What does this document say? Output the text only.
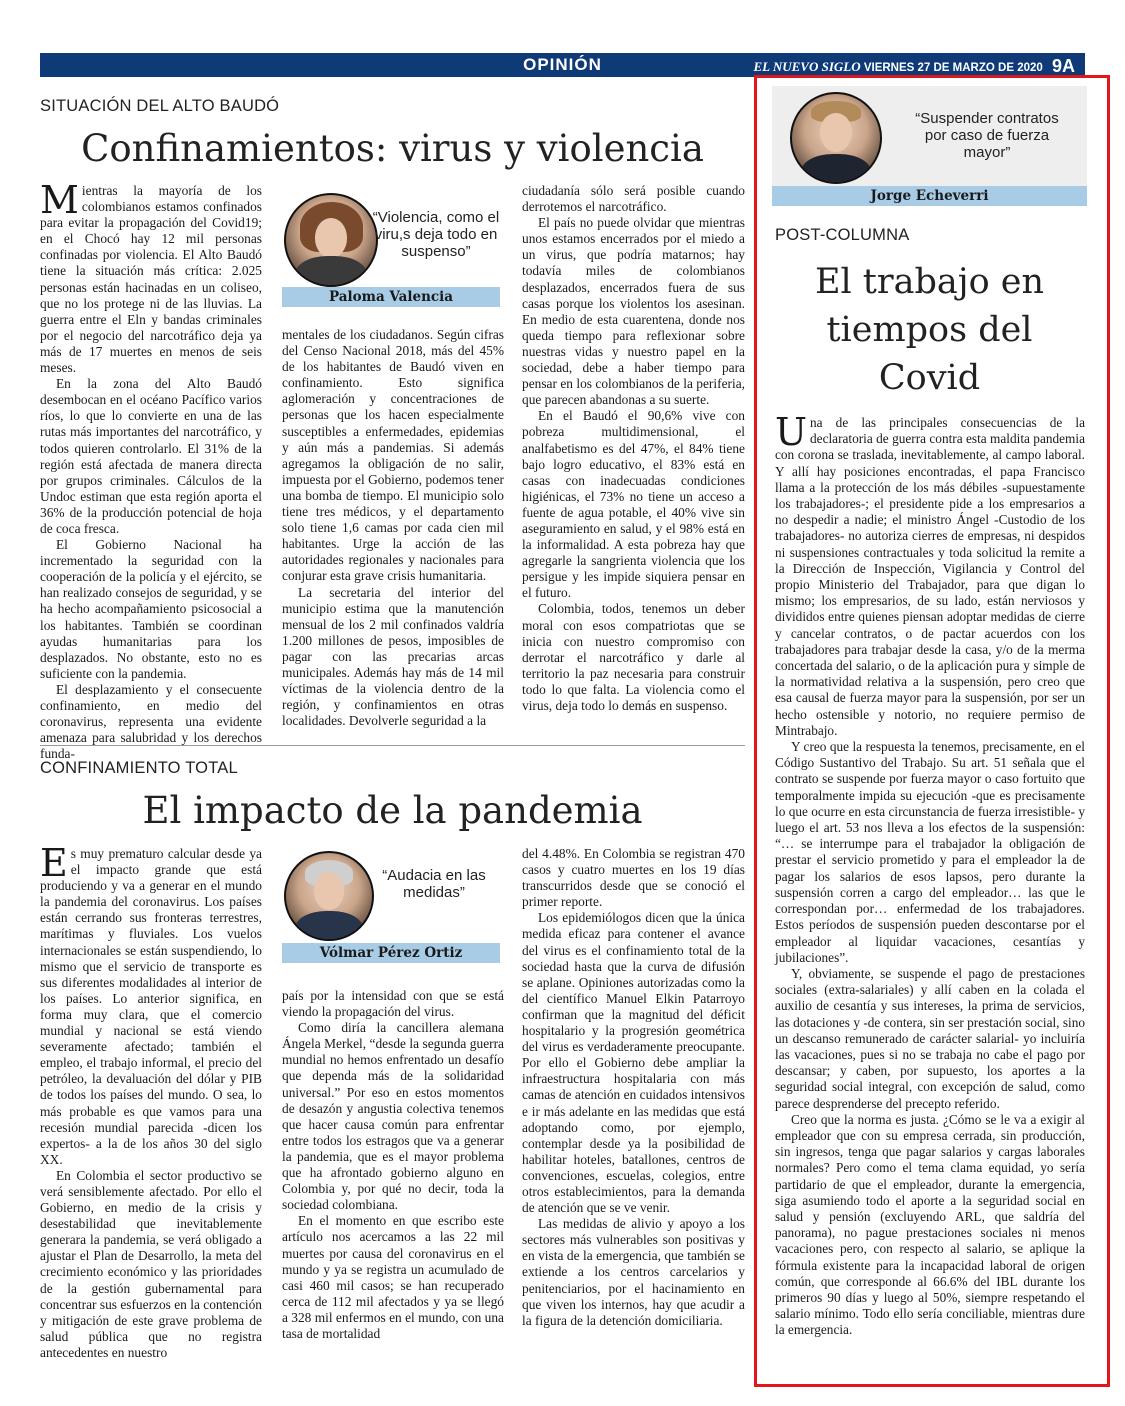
OPINIÓN	EL NUEVO SIGLO VIERNES 27 DE MARZO DE 2020 9A
SITUACIÓN DEL ALTO BAUDÓ
Confinamientos: virus y violencia

Mientras la mayoría de los colombianos estamos confinados para evitar la propagación del Covid19; en el Chocó hay 12 mil personas confinadas por violencia. El Alto Baudó tiene la situación más crítica: 2.025 personas están hacinadas en un coliseo, que no los protege ni de las lluvias. La guerra entre el Eln y bandas criminales por el negocio del narcotráfico deja ya más de 17 muertes en menos de seis meses.

En la zona del Alto Baudó desembocan en el océano Pacífico varios ríos, lo que lo convierte en una de las rutas más importantes del narcotráfico, y todos quieren controlarlo. El 31% de la región está afectada de manera directa por grupos criminales. Cálculos de la Undoc estiman que esta región aporta el 36% de la producción potencial de hoja de coca fresca.

El Gobierno Nacional ha incrementado la seguridad con la cooperación de la policía y el ejército, se han realizado consejos de seguridad, y se ha hecho acompañamiento psicosocial a los habitantes. También se coordinan ayudas humanitarias para los desplazados. No obstante, esto no es suficiente con la pandemia.

El desplazamiento y el consecuente confinamiento, en medio del coronavirus, representa una evidente amenaza para salubridad y los derechos funda-

“Violencia, como el viru,s deja todo en suspenso”
Paloma Valencia

mentales de los ciudadanos. Según cifras del Censo Nacional 2018, más del 45% de los habitantes de Baudó viven en confinamiento. Esto significa aglomeración y concentraciones de personas que los hacen especialmente susceptibles a enfermedades, epidemias y aún más a pandemias. Si además agregamos la obligación de no salir, impuesta por el Gobierno, podemos tener una bomba de tiempo. El municipio solo tiene tres médicos, y el departamento solo tiene 1,6 camas por cada cien mil habitantes. Urge la acción de las autoridades regionales y nacionales para conjurar esta grave crisis humanitaria.

La secretaria del interior del municipio estima que la manutención mensual de los 2 mil confinados valdría 1.200 millones de pesos, imposibles de pagar con las precarias arcas municipales. Además hay más de 14 mil víctimas de la violencia dentro de la región, y confinamientos en otras localidades. Devolverle seguridad a la

ciudadanía sólo será posible cuando derrotemos el narcotráfico.

El país no puede olvidar que mientras unos estamos encerrados por el miedo a un virus, que podría matarnos; hay todavía miles de colombianos desplazados, encerrados fuera de sus casas porque los violentos los asesinan. En medio de esta cuarentena, donde nos queda tiempo para reflexionar sobre nuestras vidas y nuestro papel en la sociedad, debe a haber tiempo para pensar en los colombianos de la periferia, que parecen abandonas a su suerte.

En el Baudó el 90,6% vive con pobreza multidimensional, el analfabetismo es del 47%, el 84% tiene bajo logro educativo, el 83% está en casas con inadecuadas condiciones higiénicas, el 73% no tiene un acceso a fuente de agua potable, el 40% vive sin aseguramiento en salud, y el 98% está en la informalidad. A esta pobreza hay que agregarle la sangrienta violencia que los persigue y les impide siquiera pensar en el futuro.

Colombia, todos, tenemos un deber moral con esos compatriotas que se inicia con nuestro compromiso con derrotar el narcotráfico y darle al territorio la paz necesaria para construir todo lo que falta. La violencia como el virus, deja todo lo demás en suspenso.

CONFINAMIENTO TOTAL
El impacto de la pandemia

Es muy prematuro calcular desde ya el impacto grande que está produciendo y va a generar en el mundo la pandemia del coronavirus. Los países están cerrando sus fronteras terrestres, marítimas y fluviales. Los vuelos internacionales se están suspendiendo, lo mismo que el servicio de transporte es sus diferentes modalidades al interior de los países. Lo anterior significa, en forma muy clara, que el comercio mundial y nacional se está viendo severamente afectado; también el empleo, el trabajo informal, el precio del petróleo, la devaluación del dólar y PIB de todos los países del mundo. O sea, lo más probable es que vamos para una recesión mundial parecida -dicen los expertos- a la de los años 30 del siglo XX.

En Colombia el sector productivo se verá sensiblemente afectado. Por ello el Gobierno, en medio de la crisis y desestabilidad que inevitablemente generara la pandemia, se verá obligado a ajustar el Plan de Desarrollo, la meta del crecimiento económico y las prioridades de la gestión gubernamental para concentrar sus esfuerzos en la contención y mitigación de este grave problema de salud pública que no registra antecedentes en nuestro

“Audacia en las medidas”
Vólmar Pérez Ortiz

país por la intensidad con que se está viendo la propagación del virus.

Como diría la cancillera alemana Ángela Merkel, “desde la segunda guerra mundial no hemos enfrentado un desafío que dependa más de la solidaridad universal.” Por eso en estos momentos de desazón y angustia colectiva tenemos que hacer causa común para enfrentar entre todos los estragos que va a generar la pandemia, que es el mayor problema que ha afrontado gobierno alguno en Colombia y, por qué no decir, toda la sociedad colombiana.

En el momento en que escribo este artículo nos acercamos a las 22 mil muertes por causa del coronavirus en el mundo y ya se registra un acumulado de casi 460 mil casos; se han recuperado cerca de 112 mil afectados y ya se llegó a 328 mil enfermos en el mundo, con una tasa de mortalidad

del 4.48%. En Colombia se registran 470 casos y cuatro muertes en los 19 días transcurridos desde que se conoció el primer reporte.

Los epidemiólogos dicen que la única medida eficaz para contener el avance del virus es el confinamiento total de la sociedad hasta que la curva de difusión se aplane. Opiniones autorizadas como la del científico Manuel Elkin Patarroyo confirman que la magnitud del déficit hospitalario y la progresión geométrica del virus es verdaderamente preocupante. Por ello el Gobierno debe ampliar la infraestructura hospitalaria con más camas de atención en cuidados intensivos e ir más adelante en las medidas que está adoptando como, por ejemplo, contemplar desde ya la posibilidad de habilitar hoteles, batallones, centros de convenciones, escuelas, colegios, entre otros establecimientos, para la demanda de atención que se ve venir.

Las medidas de alivio y apoyo a los sectores más vulnerables son positivas y en vista de la emergencia, que también se extiende a los centros carcelarios y penitenciarios, por el hacinamiento en que viven los internos, hay que acudir a la figura de la detención domiciliaria.

“Suspender contratos por caso de fuerza mayor”
Jorge Echeverri
POST-COLUMNA
El trabajo en tiempos del Covid

Una de las principales consecuencias de la declaratoria de guerra contra esta maldita pandemia con corona se traslada, inevitablemente, al campo laboral. Y allí hay posiciones encontradas, el papa Francisco llama a la protección de los más débiles -supuestamente los trabajadores-; el presidente pide a los empresarios a no despedir a nadie; el ministro Ángel -Custodio de los trabajadores- no autoriza cierres de empresas, ni despidos ni suspensiones contractuales y toda solicitud la remite a la Dirección de Inspección, Vigilancia y Control del propio Ministerio del Trabajador, para que digan lo mismo; los empresarios, de su lado, están nerviosos y divididos entre quienes piensan adoptar medidas de cierre y cancelar contratos, o de pactar acuerdos con los trabajadores para trabajar desde la casa, y/o de la merma concertada del salario, o de la aplicación pura y simple de la normatividad relativa a la suspensión, pero creo que esa causal de fuerza mayor para la suspensión, por ser un hecho ostensible y notorio, no requiere permiso de Mintrabajo.

Y creo que la respuesta la tenemos, precisamente, en el Código Sustantivo del Trabajo. Su art. 51 señala que el contrato se suspende por fuerza mayor o caso fortuito que temporalmente impida su ejecución -que es precisamente lo que ocurre en esta circunstancia de fuerza irresistible- y luego el art. 53 nos lleva a los efectos de la suspensión: “… se interrumpe para el trabajador la obligación de prestar el servicio prometido y para el empleador la de pagar los salarios de esos lapsos, pero durante la suspensión corren a cargo del empleador… las que le correspondan por… enfermedad de los trabajadores. Estos períodos de suspensión pueden descontarse por el empleador al liquidar vacaciones, cesantías y jubilaciones”.

Y, obviamente, se suspende el pago de prestaciones sociales (extra-salariales) y allí caben en la colada el auxilio de cesantía y sus intereses, la prima de servicios, las dotaciones y -de contera, sin ser prestación social, sino un descanso remunerado de carácter salarial- yo incluiría las vacaciones, pues si no se trabaja no cabe el pago por descansar; y caben, por supuesto, los aportes a la seguridad social integral, con excepción de salud, como parece desprenderse del precepto referido.

Creo que la norma es justa. ¿Cómo se le va a exigir al empleador que con su empresa cerrada, sin producción, sin ingresos, tenga que pagar salarios y cargas laborales normales? Pero como el tema clama equidad, yo sería partidario de que el empleador, durante la emergencia, siga asumiendo todo el aporte a la seguridad social en salud y pensión (excluyendo ARL, que saldría del panorama), no pague prestaciones sociales ni menos vacaciones pero, con respecto al salario, se aplique la fórmula existente para la incapacidad laboral de origen común, que corresponde al 66.6% del IBL durante los primeros 90 días y luego al 50%, siempre respetando el salario mínimo. Todo ello sería conciliable, mientras dure la emergencia.
